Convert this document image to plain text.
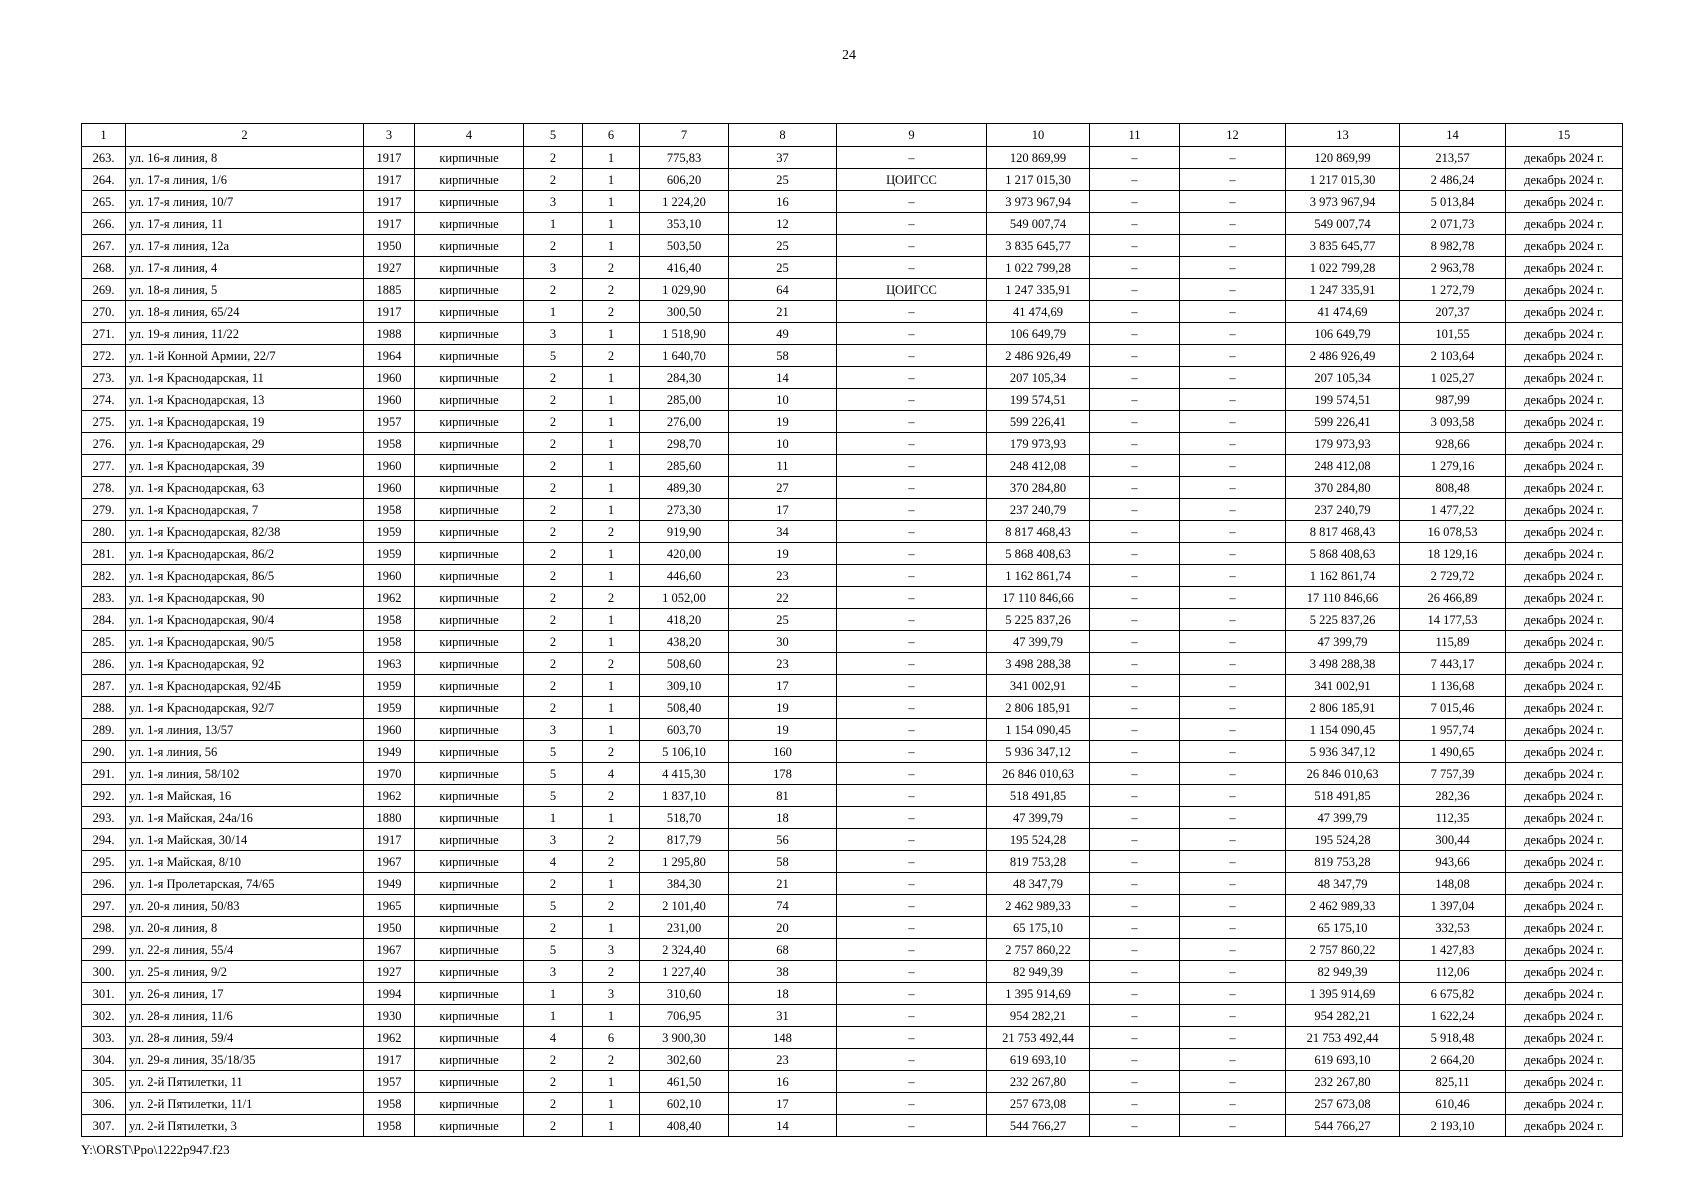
24
1	2	3	4	5	6	7	8	9	10	11	12	13	14	15
263.	ул. 16-я линия, 8	1917	кирпичные	2	1	775,83	37	–	120 869,99	–	–	120 869,99	213,57	декабрь 2024 г.
264.	ул. 17-я линия, 1/6	1917	кирпичные	2	1	606,20	25	ЦОИГСС	1 217 015,30	–	–	1 217 015,30	2 486,24	декабрь 2024 г.
265.	ул. 17-я линия, 10/7	1917	кирпичные	3	1	1 224,20	16	–	3 973 967,94	–	–	3 973 967,94	5 013,84	декабрь 2024 г.
266.	ул. 17-я линия, 11	1917	кирпичные	1	1	353,10	12	–	549 007,74	–	–	549 007,74	2 071,73	декабрь 2024 г.
267.	ул. 17-я линия, 12а	1950	кирпичные	2	1	503,50	25	–	3 835 645,77	–	–	3 835 645,77	8 982,78	декабрь 2024 г.
268.	ул. 17-я линия, 4	1927	кирпичные	3	2	416,40	25	–	1 022 799,28	–	–	1 022 799,28	2 963,78	декабрь 2024 г.
269.	ул. 18-я линия, 5	1885	кирпичные	2	2	1 029,90	64	ЦОИГСС	1 247 335,91	–	–	1 247 335,91	1 272,79	декабрь 2024 г.
270.	ул. 18-я линия, 65/24	1917	кирпичные	1	2	300,50	21	–	41 474,69	–	–	41 474,69	207,37	декабрь 2024 г.
271.	ул. 19-я линия, 11/22	1988	кирпичные	3	1	1 518,90	49	–	106 649,79	–	–	106 649,79	101,55	декабрь 2024 г.
272.	ул. 1-й Конной Армии, 22/7	1964	кирпичные	5	2	1 640,70	58	–	2 486 926,49	–	–	2 486 926,49	2 103,64	декабрь 2024 г.
273.	ул. 1-я Краснодарская, 11	1960	кирпичные	2	1	284,30	14	–	207 105,34	–	–	207 105,34	1 025,27	декабрь 2024 г.
274.	ул. 1-я Краснодарская, 13	1960	кирпичные	2	1	285,00	10	–	199 574,51	–	–	199 574,51	987,99	декабрь 2024 г.
275.	ул. 1-я Краснодарская, 19	1957	кирпичные	2	1	276,00	19	–	599 226,41	–	–	599 226,41	3 093,58	декабрь 2024 г.
276.	ул. 1-я Краснодарская, 29	1958	кирпичные	2	1	298,70	10	–	179 973,93	–	–	179 973,93	928,66	декабрь 2024 г.
277.	ул. 1-я Краснодарская, 39	1960	кирпичные	2	1	285,60	11	–	248 412,08	–	–	248 412,08	1 279,16	декабрь 2024 г.
278.	ул. 1-я Краснодарская, 63	1960	кирпичные	2	1	489,30	27	–	370 284,80	–	–	370 284,80	808,48	декабрь 2024 г.
279.	ул. 1-я Краснодарская, 7	1958	кирпичные	2	1	273,30	17	–	237 240,79	–	–	237 240,79	1 477,22	декабрь 2024 г.
280.	ул. 1-я Краснодарская, 82/38	1959	кирпичные	2	2	919,90	34	–	8 817 468,43	–	–	8 817 468,43	16 078,53	декабрь 2024 г.
281.	ул. 1-я Краснодарская, 86/2	1959	кирпичные	2	1	420,00	19	–	5 868 408,63	–	–	5 868 408,63	18 129,16	декабрь 2024 г.
282.	ул. 1-я Краснодарская, 86/5	1960	кирпичные	2	1	446,60	23	–	1 162 861,74	–	–	1 162 861,74	2 729,72	декабрь 2024 г.
283.	ул. 1-я Краснодарская, 90	1962	кирпичные	2	2	1 052,00	22	–	17 110 846,66	–	–	17 110 846,66	26 466,89	декабрь 2024 г.
284.	ул. 1-я Краснодарская, 90/4	1958	кирпичные	2	1	418,20	25	–	5 225 837,26	–	–	5 225 837,26	14 177,53	декабрь 2024 г.
285.	ул. 1-я Краснодарская, 90/5	1958	кирпичные	2	1	438,20	30	–	47 399,79	–	–	47 399,79	115,89	декабрь 2024 г.
286.	ул. 1-я Краснодарская, 92	1963	кирпичные	2	2	508,60	23	–	3 498 288,38	–	–	3 498 288,38	7 443,17	декабрь 2024 г.
287.	ул. 1-я Краснодарская, 92/4Б	1959	кирпичные	2	1	309,10	17	–	341 002,91	–	–	341 002,91	1 136,68	декабрь 2024 г.
288.	ул. 1-я Краснодарская, 92/7	1959	кирпичные	2	1	508,40	19	–	2 806 185,91	–	–	2 806 185,91	7 015,46	декабрь 2024 г.
289.	ул. 1-я линия, 13/57	1960	кирпичные	3	1	603,70	19	–	1 154 090,45	–	–	1 154 090,45	1 957,74	декабрь 2024 г.
290.	ул. 1-я линия, 56	1949	кирпичные	5	2	5 106,10	160	–	5 936 347,12	–	–	5 936 347,12	1 490,65	декабрь 2024 г.
291.	ул. 1-я линия, 58/102	1970	кирпичные	5	4	4 415,30	178	–	26 846 010,63	–	–	26 846 010,63	7 757,39	декабрь 2024 г.
292.	ул. 1-я Майская, 16	1962	кирпичные	5	2	1 837,10	81	–	518 491,85	–	–	518 491,85	282,36	декабрь 2024 г.
293.	ул. 1-я Майская, 24а/16	1880	кирпичные	1	1	518,70	18	–	47 399,79	–	–	47 399,79	112,35	декабрь 2024 г.
294.	ул. 1-я Майская, 30/14	1917	кирпичные	3	2	817,79	56	–	195 524,28	–	–	195 524,28	300,44	декабрь 2024 г.
295.	ул. 1-я Майская, 8/10	1967	кирпичные	4	2	1 295,80	58	–	819 753,28	–	–	819 753,28	943,66	декабрь 2024 г.
296.	ул. 1-я Пролетарская, 74/65	1949	кирпичные	2	1	384,30	21	–	48 347,79	–	–	48 347,79	148,08	декабрь 2024 г.
297.	ул. 20-я линия, 50/83	1965	кирпичные	5	2	2 101,40	74	–	2 462 989,33	–	–	2 462 989,33	1 397,04	декабрь 2024 г.
298.	ул. 20-я линия, 8	1950	кирпичные	2	1	231,00	20	–	65 175,10	–	–	65 175,10	332,53	декабрь 2024 г.
299.	ул. 22-я линия, 55/4	1967	кирпичные	5	3	2 324,40	68	–	2 757 860,22	–	–	2 757 860,22	1 427,83	декабрь 2024 г.
300.	ул. 25-я линия, 9/2	1927	кирпичные	3	2	1 227,40	38	–	82 949,39	–	–	82 949,39	112,06	декабрь 2024 г.
301.	ул. 26-я линия, 17	1994	кирпичные	1	3	310,60	18	–	1 395 914,69	–	–	1 395 914,69	6 675,82	декабрь 2024 г.
302.	ул. 28-я линия, 11/6	1930	кирпичные	1	1	706,95	31	–	954 282,21	–	–	954 282,21	1 622,24	декабрь 2024 г.
303.	ул. 28-я линия, 59/4	1962	кирпичные	4	6	3 900,30	148	–	21 753 492,44	–	–	21 753 492,44	5 918,48	декабрь 2024 г.
304.	ул. 29-я линия, 35/18/35	1917	кирпичные	2	2	302,60	23	–	619 693,10	–	–	619 693,10	2 664,20	декабрь 2024 г.
305.	ул. 2-й Пятилетки, 11	1957	кирпичные	2	1	461,50	16	–	232 267,80	–	–	232 267,80	825,11	декабрь 2024 г.
306.	ул. 2-й Пятилетки, 11/1	1958	кирпичные	2	1	602,10	17	–	257 673,08	–	–	257 673,08	610,46	декабрь 2024 г.
307.	ул. 2-й Пятилетки, 3	1958	кирпичные	2	1	408,40	14	–	544 766,27	–	–	544 766,27	2 193,10	декабрь 2024 г.
Y:\ORST\Ppo\1222p947.f23
